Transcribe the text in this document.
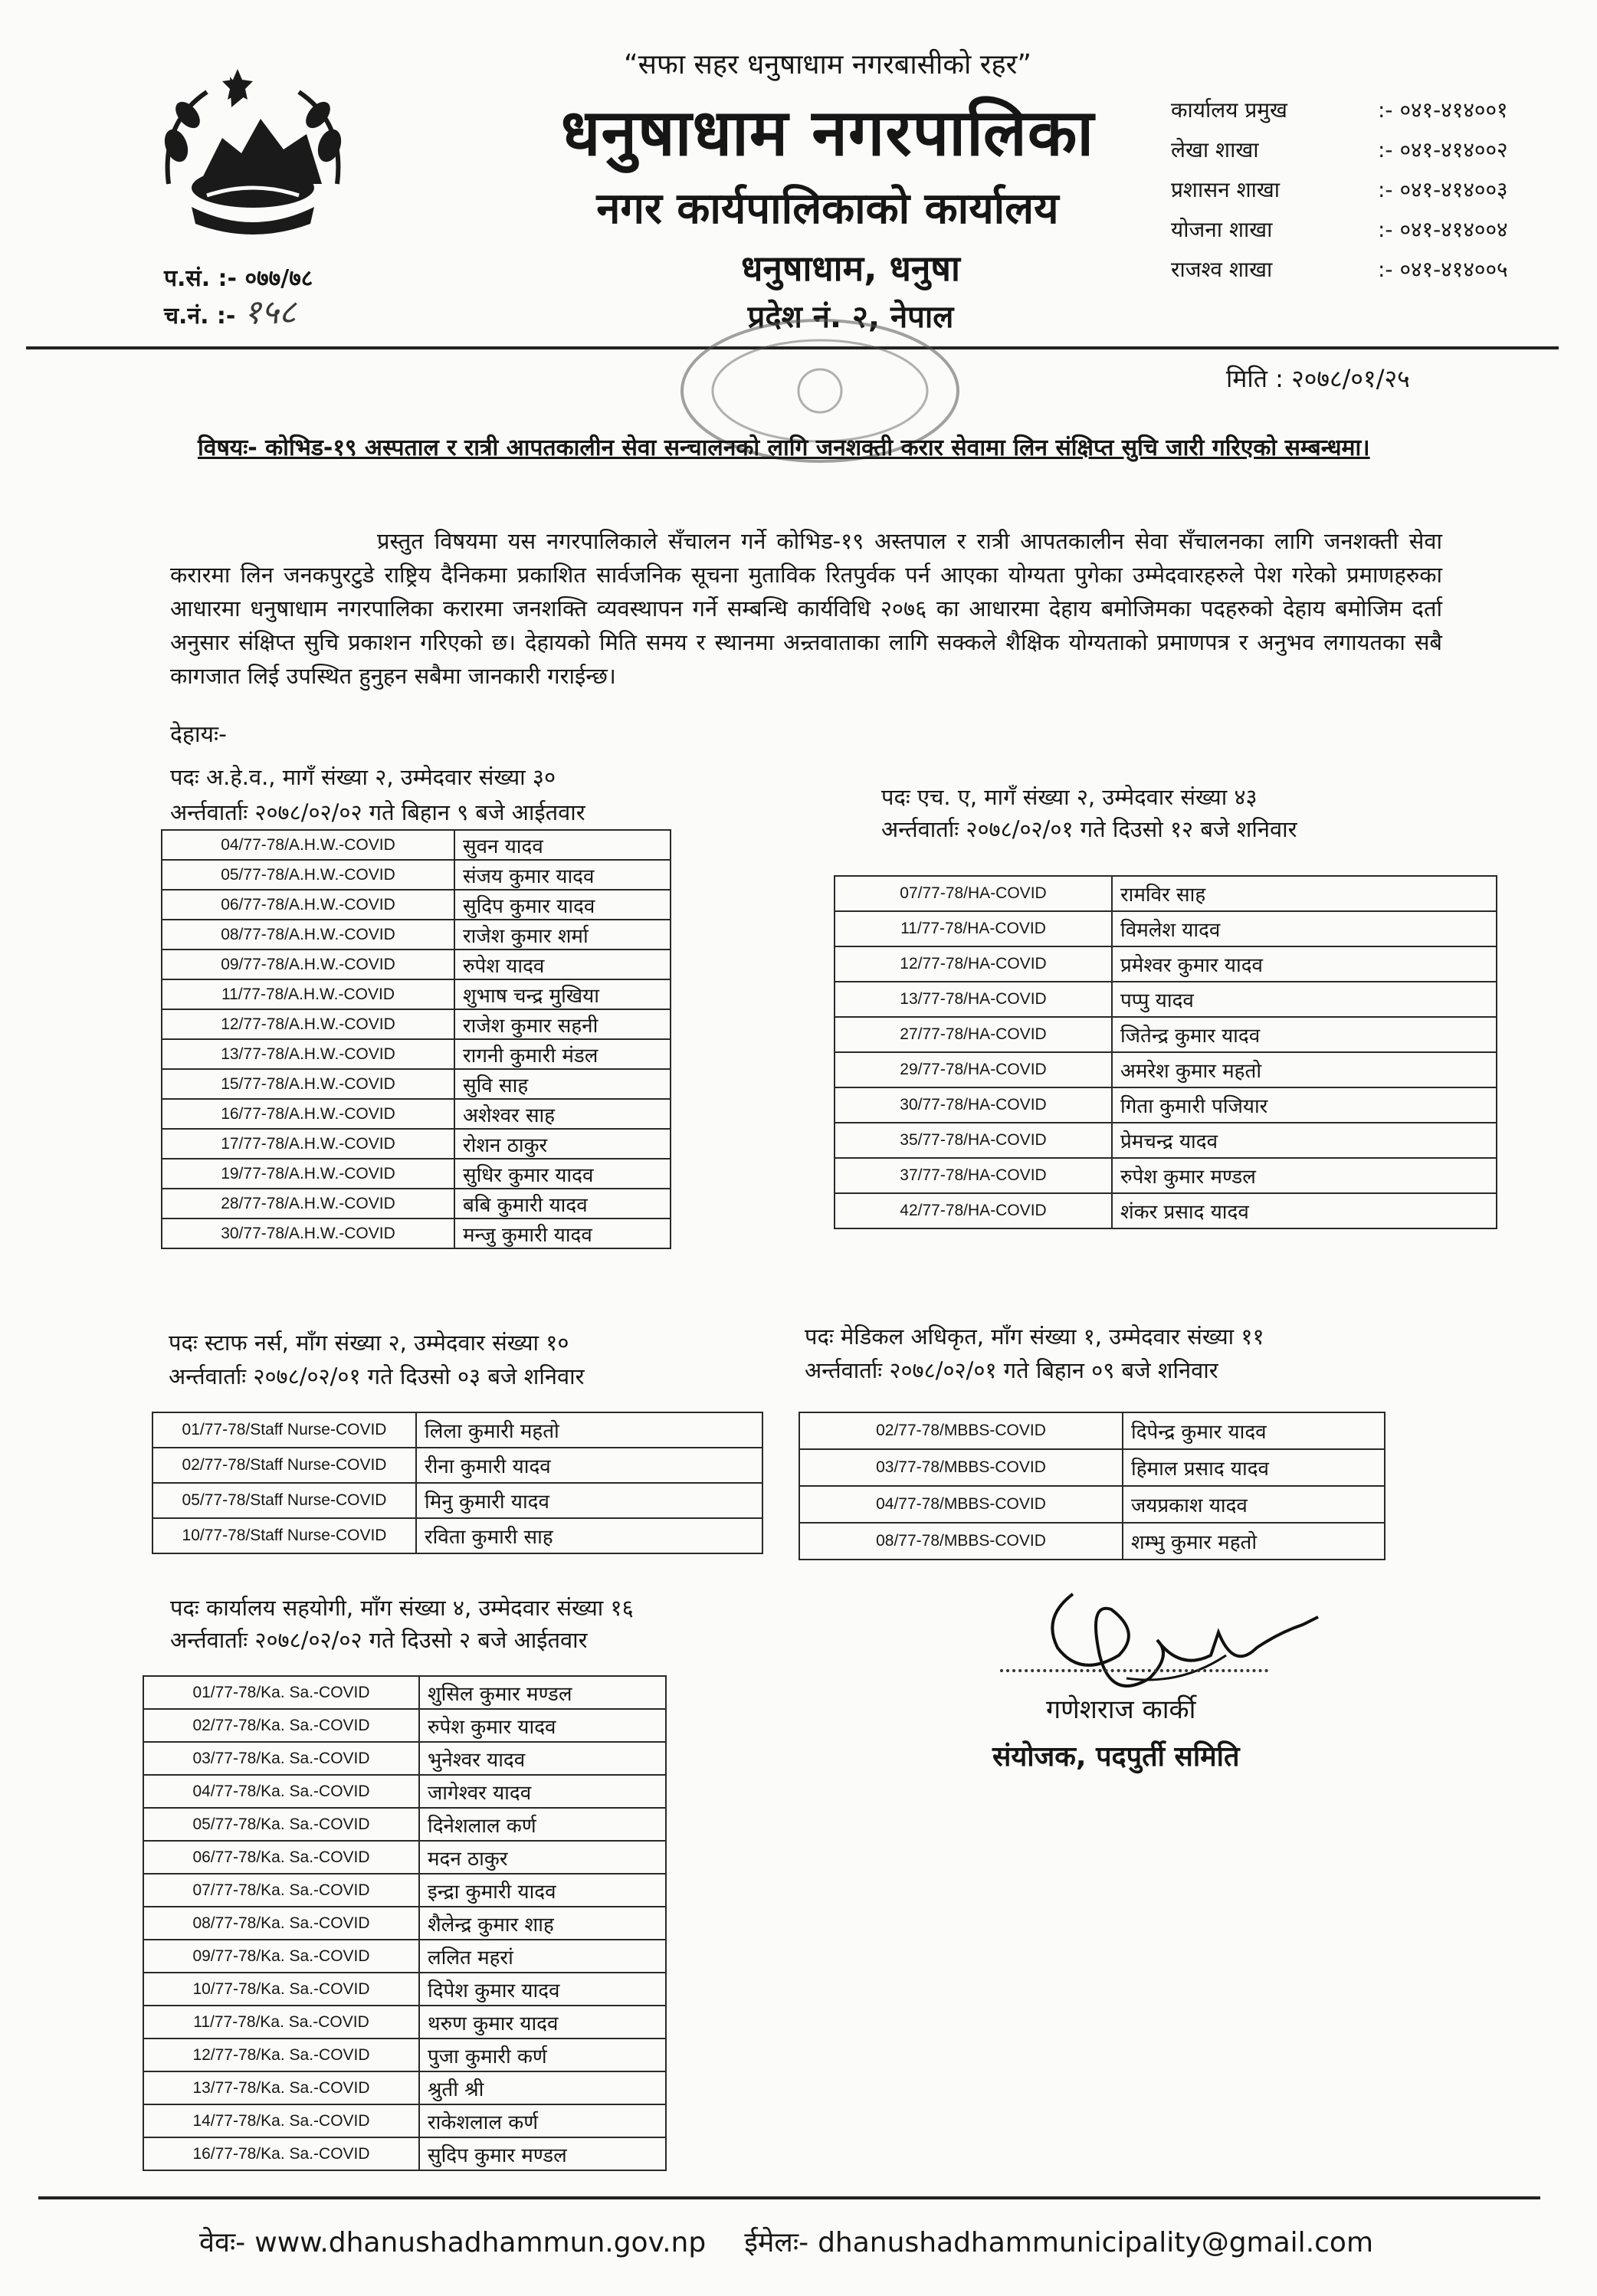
“सफा सहर धनुषाधाम नगरबासीको रहर”
धनुषाधाम नगरपालिका
नगर कार्यपालिकाको कार्यालय
धनुषाधाम, धनुषा
प्रदेश नं. २, नेपाल
कार्यालय प्रमुख	:- ०४१-४१४००१
लेखा शाखा	:- ०४१-४१४००२
प्रशासन शाखा	:- ०४१-४१४००३
योजना शाखा	:- ०४१-४१४००४
राजश्व शाखा	:- ०४१-४१४००५
प.सं. :- ०७७/७८
च.नं. :- १५८
मिति : २०७८/०१/२५
विषयः- कोभिड-१९ अस्पताल र रात्री आपतकालीन सेवा सन्चालनको लागि जनशक्ती करार सेवामा लिन संक्षिप्त सुचि जारी गरिएको सम्बन्धमा।
प्रस्तुत विषयमा यस नगरपालिकाले सँचालन गर्ने कोभिड-१९ अस्तपाल र रात्री आपतकालीन सेवा सँचालनका लागि जनशक्ती सेवा करारमा लिन जनकपुरटुडे राष्ट्रिय दैनिकमा प्रकाशित सार्वजनिक सूचना मुताविक रितपुर्वक पर्न आएका योग्यता पुगेका उम्मेदवारहरुले पेश गरेको प्रमाणहरुका आधारमा धनुषाधाम नगरपालिका करारमा जनशक्ति व्यवस्थापन गर्ने सम्बन्धि कार्यविधि २०७६ का आधारमा देहाय बमोजिमका पदहरुको देहाय बमोजिम दर्ता अनुसार संक्षिप्त सुचि प्रकाशन गरिएको छ। देहायको मिति समय र स्थानमा अन्र्तवाताका लागि सक्कले शैक्षिक योग्यताको प्रमाणपत्र र अनुभव लगायतका सबै कागजात लिई उपस्थित हुनुहन सबैमा जानकारी गराईन्छ।
देहायः-
पदः अ.हे.व., मागँ संख्या २, उम्मेदवार संख्या ३०
अर्न्तवार्ताः २०७८/०२/०२ गते बिहान ९ बजे आईतवार
04/77-78/A.H.W.-COVID	सुवन यादव
05/77-78/A.H.W.-COVID	संजय कुमार यादव
06/77-78/A.H.W.-COVID	सुदिप कुमार यादव
08/77-78/A.H.W.-COVID	राजेश कुमार शर्मा
09/77-78/A.H.W.-COVID	रुपेश यादव
11/77-78/A.H.W.-COVID	शुभाष चन्द्र मुखिया
12/77-78/A.H.W.-COVID	राजेश कुमार सहनी
13/77-78/A.H.W.-COVID	रागनी कुमारी मंडल
15/77-78/A.H.W.-COVID	सुवि साह
16/77-78/A.H.W.-COVID	अशेश्वर साह
17/77-78/A.H.W.-COVID	रोशन ठाकुर
19/77-78/A.H.W.-COVID	सुधिर कुमार यादव
28/77-78/A.H.W.-COVID	बबि कुमारी यादव
30/77-78/A.H.W.-COVID	मन्जु कुमारी यादव
पदः एच. ए, मागँ संख्या २, उम्मेदवार संख्या ४३
अर्न्तवार्ताः २०७८/०२/०१ गते दिउसो १२ बजे शनिवार
07/77-78/HA-COVID	रामविर साह
11/77-78/HA-COVID	विमलेश यादव
12/77-78/HA-COVID	प्रमेश्वर कुमार यादव
13/77-78/HA-COVID	पप्पु यादव
27/77-78/HA-COVID	जितेन्द्र कुमार यादव
29/77-78/HA-COVID	अमरेश कुमार महतो
30/77-78/HA-COVID	गिता कुमारी पजियार
35/77-78/HA-COVID	प्रेमचन्द्र यादव
37/77-78/HA-COVID	रुपेश कुमार मण्डल
42/77-78/HA-COVID	शंकर प्रसाद यादव
पदः स्टाफ नर्स, माँग संख्या २, उम्मेदवार संख्या १०
अर्न्तवार्ताः २०७८/०२/०१ गते दिउसो ०३ बजे शनिवार
01/77-78/Staff Nurse-COVID	लिला कुमारी महतो
02/77-78/Staff Nurse-COVID	रीना कुमारी यादव
05/77-78/Staff Nurse-COVID	मिनु कुमारी यादव
10/77-78/Staff Nurse-COVID	रविता कुमारी साह
पदः मेडिकल अधिकृत, माँग संख्या १, उम्मेदवार संख्या ११
अर्न्तवार्ताः २०७८/०२/०१ गते बिहान ०९ बजे शनिवार
02/77-78/MBBS-COVID	दिपेन्द्र कुमार यादव
03/77-78/MBBS-COVID	हिमाल प्रसाद यादव
04/77-78/MBBS-COVID	जयप्रकाश यादव
08/77-78/MBBS-COVID	शम्भु कुमार महतो
पदः कार्यालय सहयोगी, माँग संख्या ४, उम्मेदवार संख्या १६
अर्न्तवार्ताः २०७८/०२/०२ गते दिउसो २ बजे आईतवार
01/77-78/Ka. Sa.-COVID	शुसिल कुमार मण्डल
02/77-78/Ka. Sa.-COVID	रुपेश कुमार यादव
03/77-78/Ka. Sa.-COVID	भुनेश्वर यादव
04/77-78/Ka. Sa.-COVID	जागेश्वर यादव
05/77-78/Ka. Sa.-COVID	दिनेशलाल कर्ण
06/77-78/Ka. Sa.-COVID	मदन ठाकुर
07/77-78/Ka. Sa.-COVID	इन्द्रा कुमारी यादव
08/77-78/Ka. Sa.-COVID	शैलेन्द्र कुमार शाह
09/77-78/Ka. Sa.-COVID	ललित महरां
10/77-78/Ka. Sa.-COVID	दिपेश कुमार यादव
11/77-78/Ka. Sa.-COVID	थरुण कुमार यादव
12/77-78/Ka. Sa.-COVID	पुजा कुमारी कर्ण
13/77-78/Ka. Sa.-COVID	श्रुती श्री
14/77-78/Ka. Sa.-COVID	राकेशलाल कर्ण
16/77-78/Ka. Sa.-COVID	सुदिप कुमार मण्डल
गणेशराज कार्की
संयोजक, पदपुर्ती समिति
वेवः- www.dhanushadhammun.gov.np ईमेलः- dhanushadhammunicipality@gmail.com
